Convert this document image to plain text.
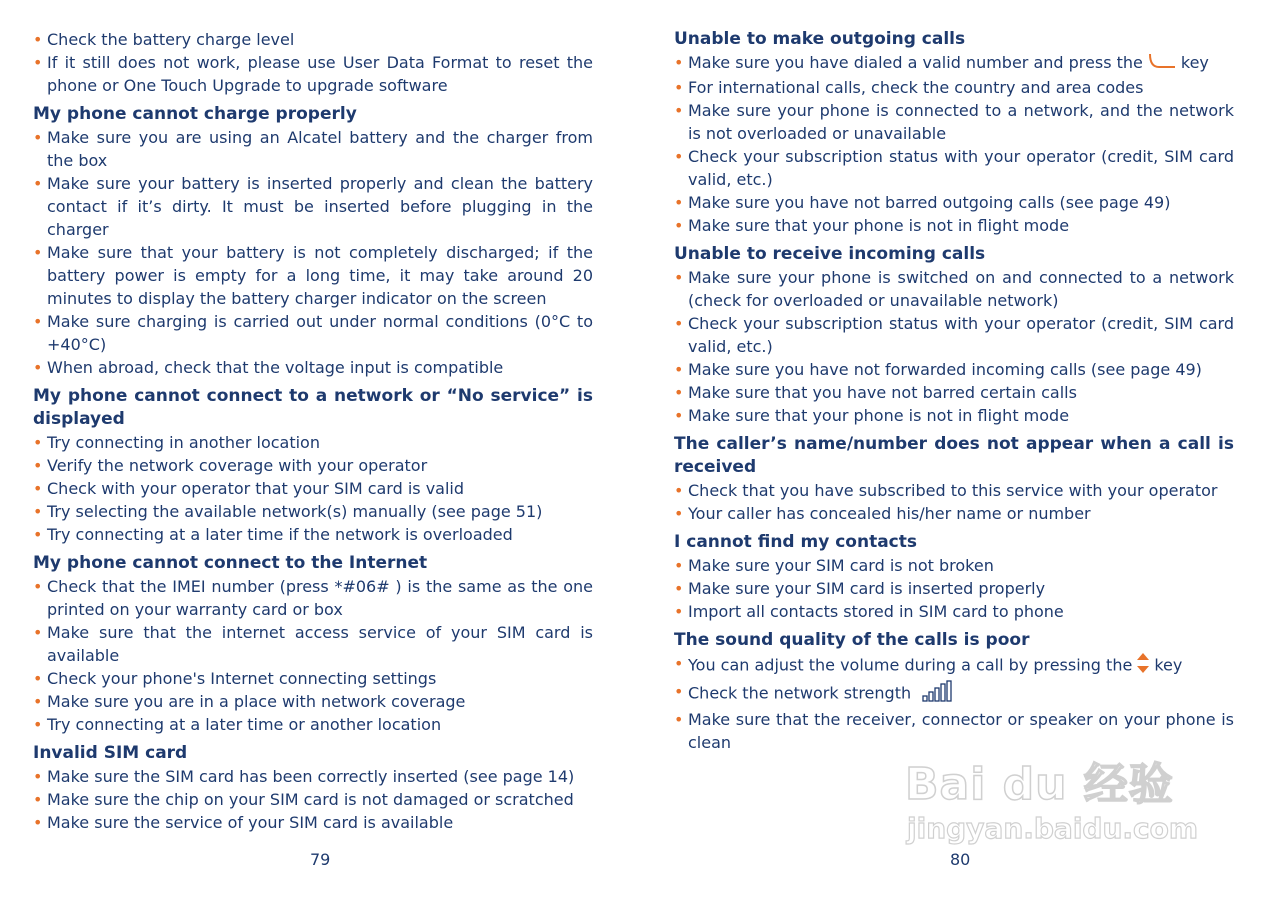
• Check the battery charge level
• If it still does not work, please use User Data Format to reset the phone or One Touch Upgrade to upgrade software
My phone cannot charge properly
• Make sure you are using an Alcatel battery and the charger from the box
• Make sure your battery is inserted properly and clean the battery contact if it’s dirty. It must be inserted before plugging in the charger
• Make sure that your battery is not completely discharged; if the battery power is empty for a long time, it may take around 20 minutes to display the battery charger indicator on the screen
• Make sure charging is carried out under normal conditions (0°C to +40°C)
• When abroad, check that the voltage input is compatible
My phone cannot connect to a network or “No service” is displayed
• Try connecting in another location
• Verify the network coverage with your operator
• Check with your operator that your SIM card is valid
• Try selecting the available network(s) manually (see page 51)
• Try connecting at a later time if the network is overloaded
My phone cannot connect to the Internet
• Check that the IMEI number (press *#06# ) is the same as the one printed on your warranty card or box
• Make sure that the internet access service of your SIM card is available
• Check your phone's Internet connecting settings
• Make sure you are in a place with network coverage
• Try connecting at a later time or another location
Invalid SIM card
• Make sure the SIM card has been correctly inserted (see page 14)
• Make sure the chip on your SIM card is not damaged or scratched
• Make sure the service of your SIM card is available
Unable to make outgoing calls
• Make sure you have dialed a valid number and press the key
• For international calls, check the country and area codes
• Make sure your phone is connected to a network, and the network is not overloaded or unavailable
• Check your subscription status with your operator (credit, SIM card valid, etc.)
• Make sure you have not barred outgoing calls (see page 49)
• Make sure that your phone is not in flight mode
Unable to receive incoming calls
• Make sure your phone is switched on and connected to a network (check for overloaded or unavailable network)
• Check your subscription status with your operator (credit, SIM card valid, etc.)
• Make sure you have not forwarded incoming calls (see page 49)
• Make sure that you have not barred certain calls
• Make sure that your phone is not in flight mode
The caller’s name/number does not appear when a call is received
• Check that you have subscribed to this service with your operator
• Your caller has concealed his/her name or number
I cannot find my contacts
• Make sure your SIM card is not broken
• Make sure your SIM card is inserted properly
• Import all contacts stored in SIM card to phone
The sound quality of the calls is poor
• You can adjust the volume during a call by pressing the key
• Check the network strength
• Make sure that the receiver, connector or speaker on your phone is clean
79	80
Bai du 经验
jingyan.baidu.com
